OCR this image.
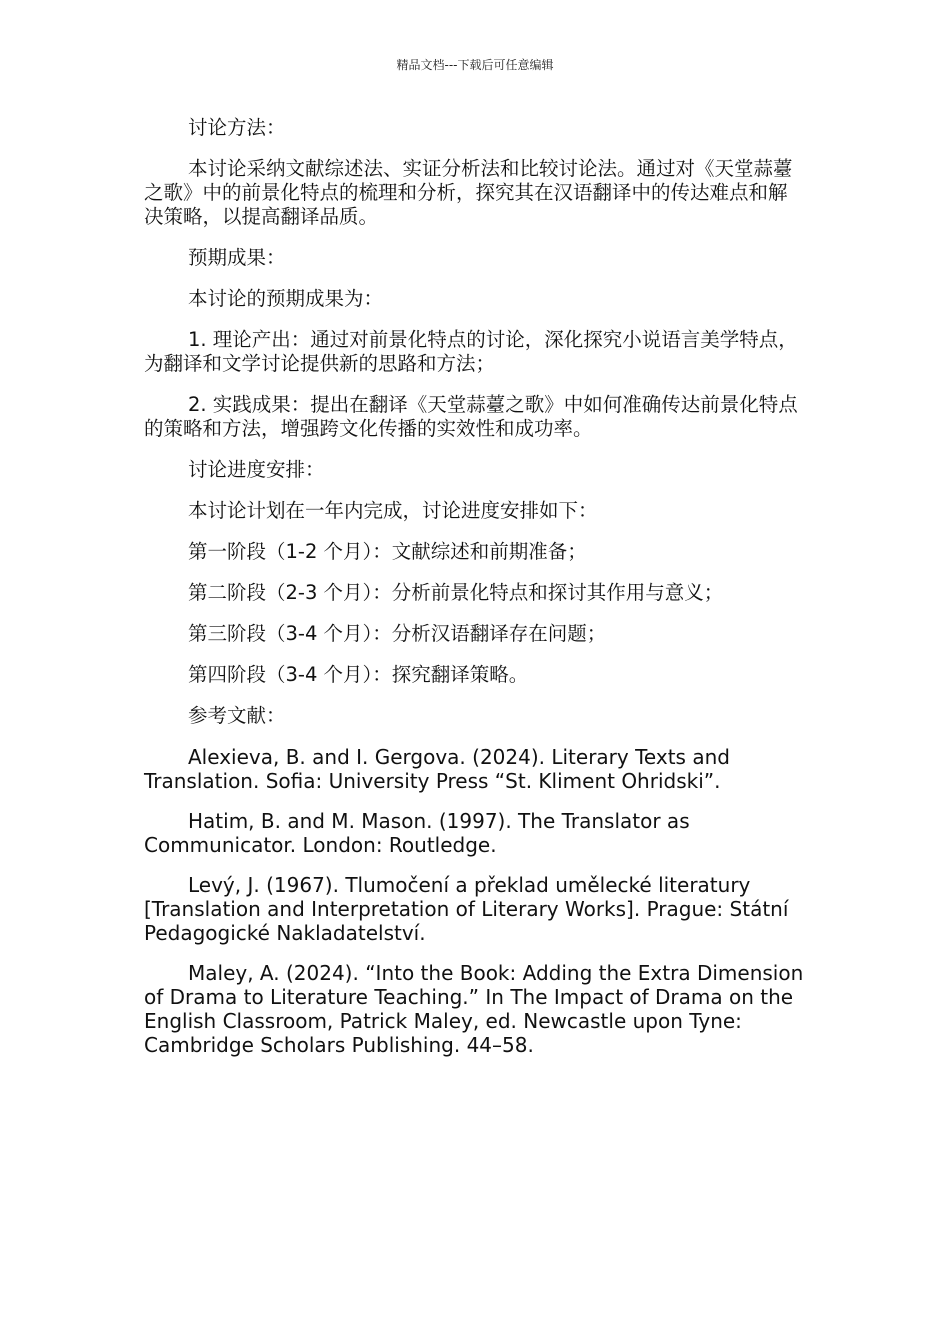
精品文档---下载后可任意编辑

讨论方法：

本讨论采纳文献综述法、实证分析法和比较讨论法。通过对《天堂蒜薹之歌》中的前景化特点的梳理和分析，探究其在汉语翻译中的传达难点和解决策略，以提高翻译品质。

预期成果：

本讨论的预期成果为：

1. 理论产出：通过对前景化特点的讨论，深化探究小说语言美学特点，为翻译和文学讨论提供新的思路和方法；

2. 实践成果：提出在翻译《天堂蒜薹之歌》中如何准确传达前景化特点的策略和方法，增强跨文化传播的实效性和成功率。

讨论进度安排：

本讨论计划在一年内完成，讨论进度安排如下：

第一阶段（1-2 个月）：文献综述和前期准备；

第二阶段（2-3 个月）：分析前景化特点和探讨其作用与意义；

第三阶段（3-4 个月）：分析汉语翻译存在问题；

第四阶段（3-4 个月）：探究翻译策略。

参考文献：

Alexieva, B. and I. Gergova. (2024). Literary Texts and Translation. Sofia: University Press “St. Kliment Ohridski”.

Hatim, B. and M. Mason. (1997). The Translator as Communicator. London: Routledge.

Levý, J. (1967). Tlumočení a překlad umělecké literatury [Translation and Interpretation of Literary Works]. Prague: Státní Pedagogické Nakladatelství.

Maley, A. (2024). “Into the Book: Adding the Extra Dimension of Drama to Literature Teaching.” In The Impact of Drama on the English Classroom, Patrick Maley, ed. Newcastle upon Tyne: Cambridge Scholars Publishing. 44–58.
